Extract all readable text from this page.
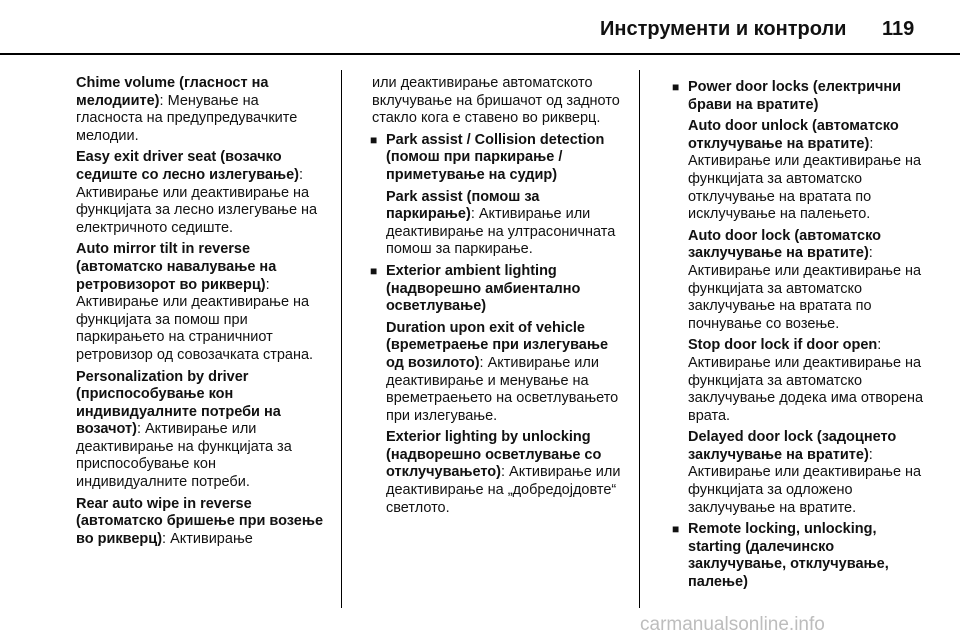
Инструменти и контроли 119

Chime volume (гласност на мелодиите): Менување на гласноста на предупредувачките мелодии.

Easy exit driver seat (возачко седиште со лесно излегување): Активирање или деактивирање на функцијата за лесно излегување на електричното седиште.

Auto mirror tilt in reverse (автоматско навалување на ретровизорот во рикверц): Активирање или деактивирање на функцијата за помош при паркирањето на страничниот ретровизор од совозачката страна.

Personalization by driver (приспособување кон индивидуалните потреби на возачот): Активирање или деактивирање на функцијата за приспособување кон индивидуалните потреби.

Rear auto wipe in reverse (автоматско бришење при возење во рикверц): Активирање

или деактивирање автоматското вклучување на бришачот од задното стакло кога е ставено во рикверц.

■ Park assist / Collision detection (помош при паркирање / приметување на судир)

Park assist (помош за паркирање): Активирање или деактивирање на ултрасоничната помош за паркирање.

■ Exterior ambient lighting (надворешно амбиентално осветлување)

Duration upon exit of vehicle (времетраење при излегување од возилото): Активирање или деактивирање и менување на времетраењето на осветлувањето при излегување.

Exterior lighting by unlocking (надворешно осветлување со отклучувањето): Активирање или деактивирање на „добредојдовте“ светлото.

■ Power door locks (електрични брави на вратите)

Auto door unlock (автоматско отклучување на вратите): Активирање или деактивирање на функцијата за автоматско отклучување на вратата по исклучување на палењето.

Auto door lock (автоматско заклучување на вратите): Активирање или деактивирање на функцијата за автоматско заклучување на вратата по почнување со возење.

Stop door lock if door open: Активирање или деактивирање на функцијата за автоматско заклучување додека има отворена врата.

Delayed door lock (задоцнето заклучување на вратите): Активирање или деактивирање на функцијата за одложено заклучување на вратите.

■ Remote locking, unlocking, starting (далечинско заклучување, отклучување, палење)
carmanualsonline.info
